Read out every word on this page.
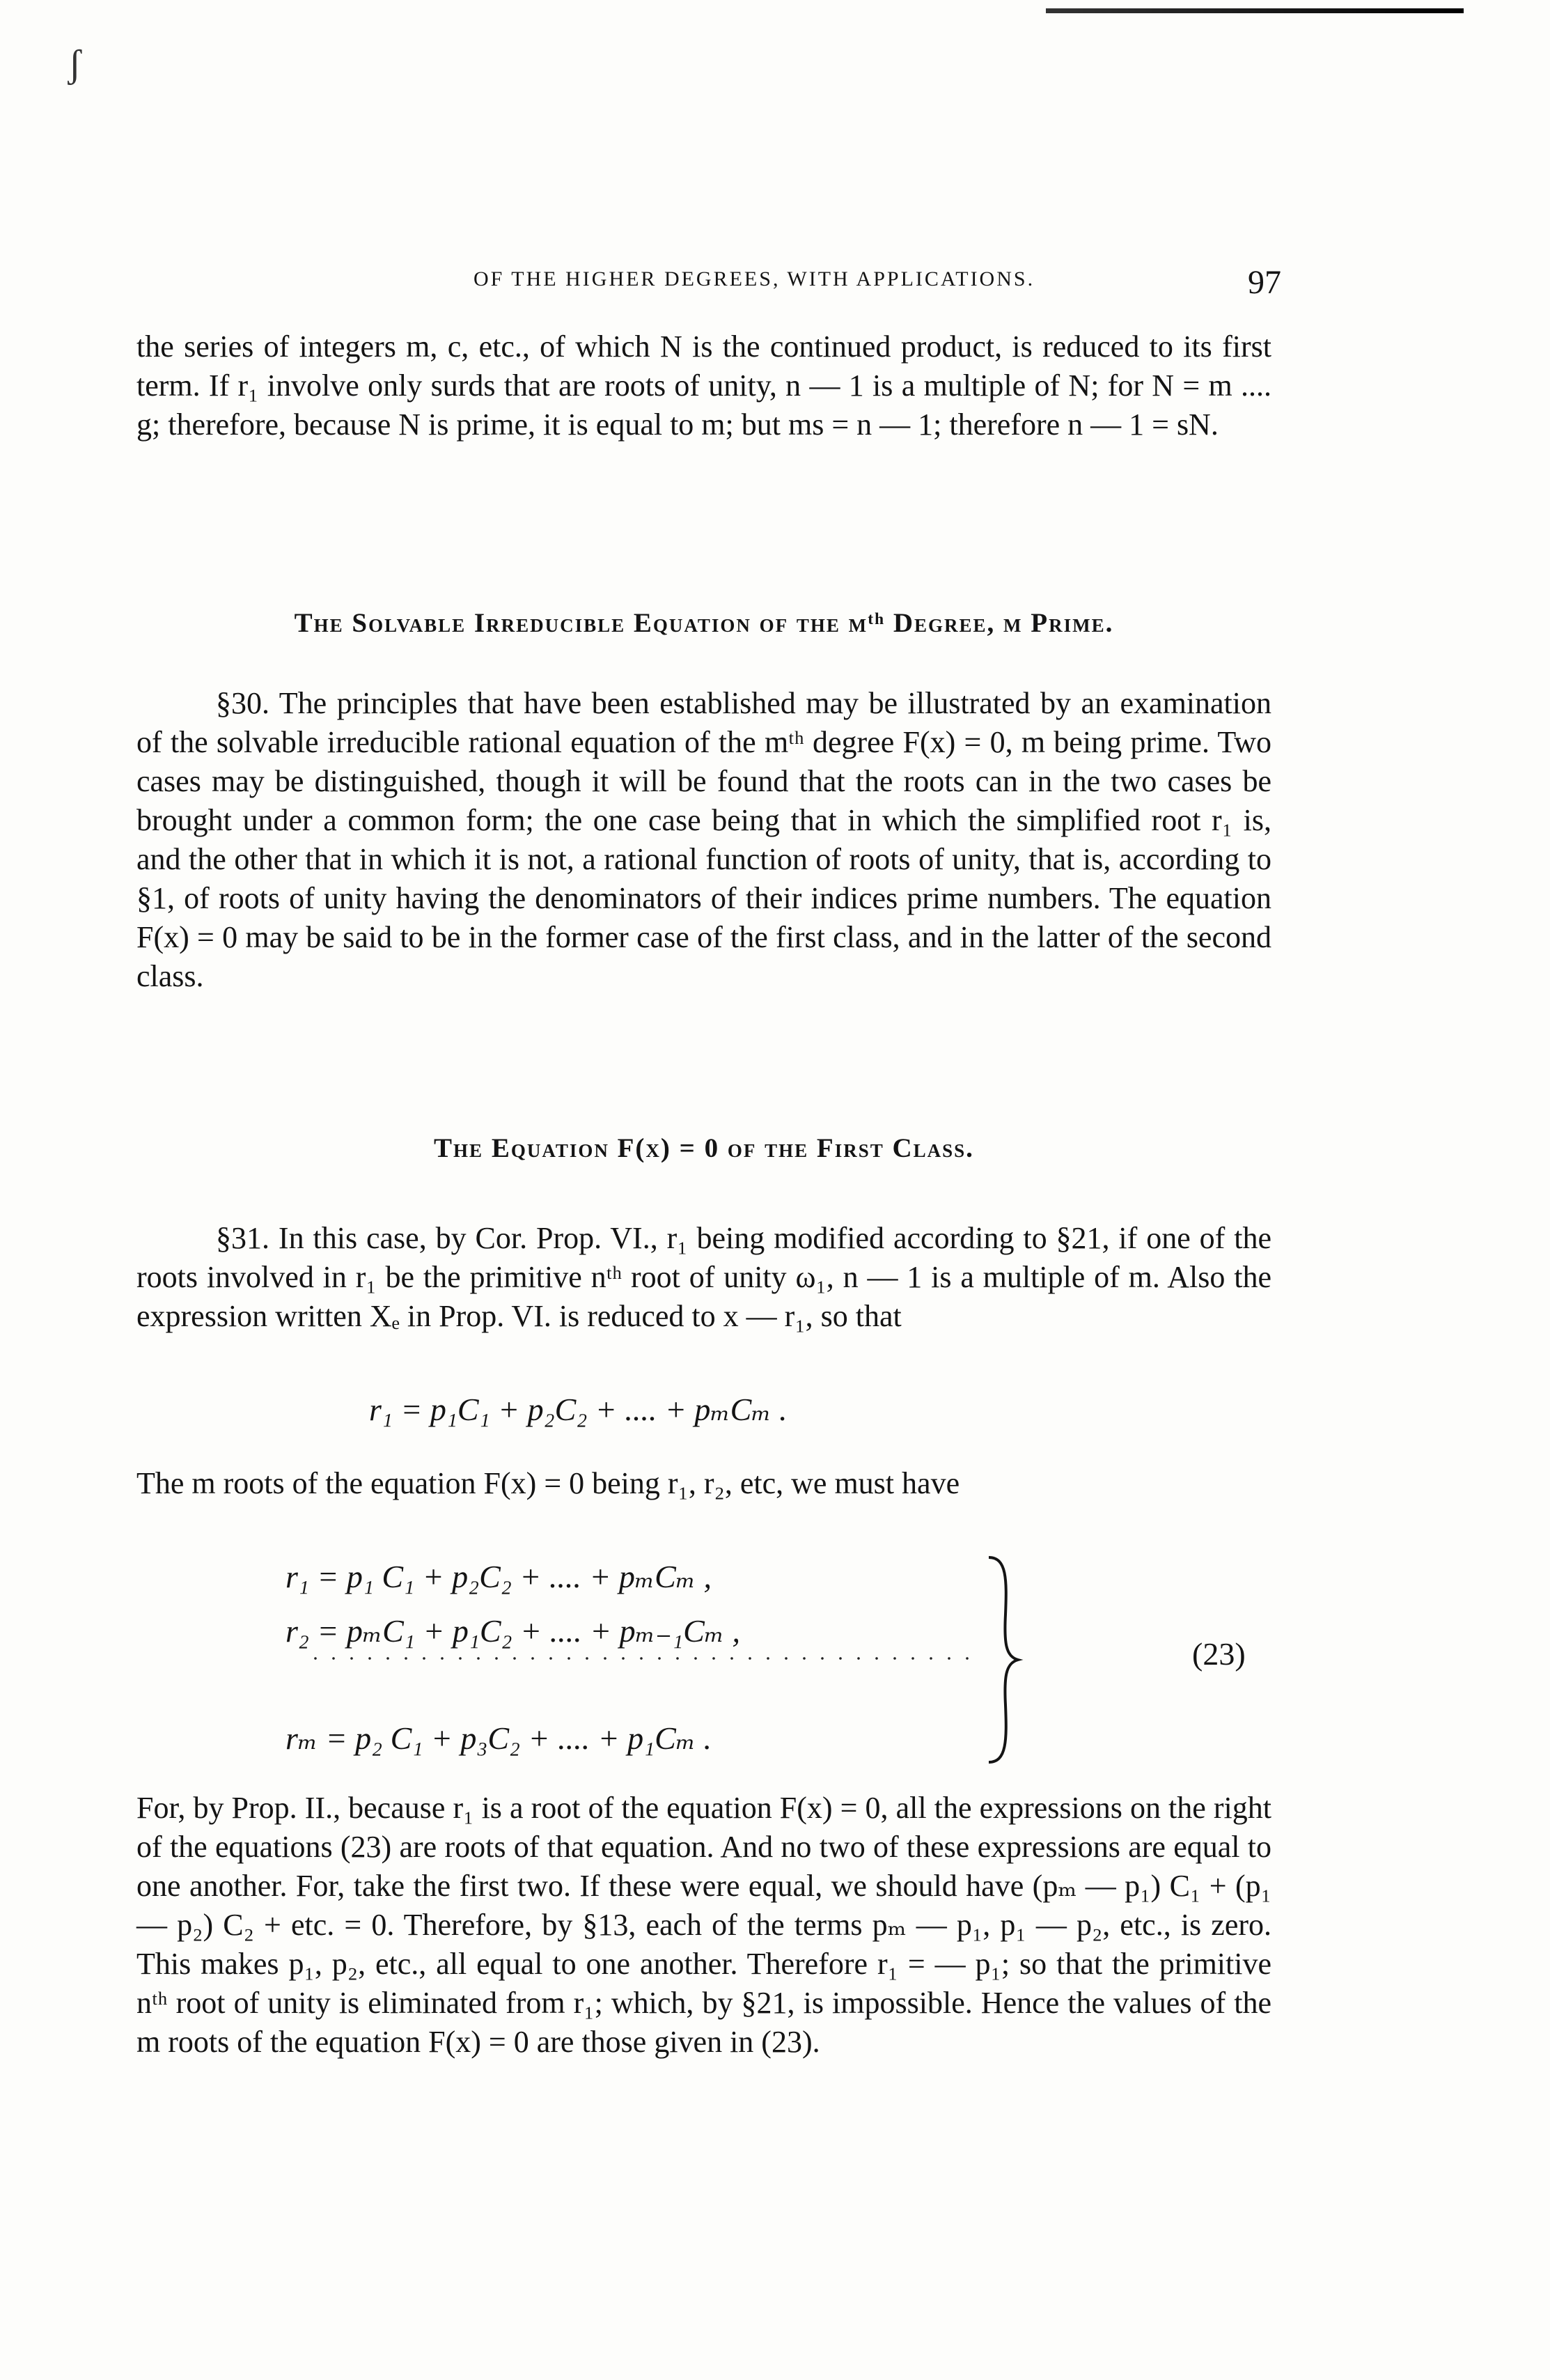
ʃ
OF THE HIGHER DEGREES, WITH APPLICATIONS.	97

the series of integers m, c, etc., of which N is the continued product, is reduced to its first term. If r₁ involve only surds that are roots of unity, n — 1 is a multiple of N; for N = m .... g; therefore, because N is prime, it is equal to m; but ms = n — 1; therefore n — 1 = sN.

The Solvable Irreducible Equation of the mᵗʰ Degree, m Prime.

§30. The principles that have been established may be illustrated by an examination of the solvable irreducible rational equation of the mᵗʰ degree F(x) = 0, m being prime. Two cases may be distinguished, though it will be found that the roots can in the two cases be brought under a common form; the one case being that in which the simplified root r₁ is, and the other that in which it is not, a rational function of roots of unity, that is, according to §1, of roots of unity having the denominators of their indices prime numbers. The equation F(x) = 0 may be said to be in the former case of the first class, and in the latter of the second class.

The Equation F(x) = 0 of the First Class.

§31. In this case, by Cor. Prop. VI., r₁ being modified according to §21, if one of the roots involved in r₁ be the primitive nᵗʰ root of unity ω₁, n — 1 is a multiple of m. Also the expression written Xₑ in Prop. VI. is reduced to x — r₁, so that

r₁ = p₁C₁ + p₂C₂ + .... + pₘCₘ .

The m roots of the equation F(x) = 0 being r₁, r₂, etc, we must have

r₁ = p₁ C₁ + p₂C₂ + .... + pₘCₘ ,
r₂ = pₘC₁ + p₁C₂ + .... + pₘ₋₁Cₘ ,
rₘ = p₂ C₁ + p₃C₂ + .... + p₁Cₘ .
(23)

For, by Prop. II., because r₁ is a root of the equation F(x) = 0, all the expressions on the right of the equations (23) are roots of that equation. And no two of these expressions are equal to one another. For, take the first two. If these were equal, we should have (pₘ — p₁) C₁ + (p₁ — p₂) C₂ + etc. = 0. Therefore, by §13, each of the terms pₘ — p₁, p₁ — p₂, etc., is zero. This makes p₁, p₂, etc., all equal to one another. Therefore r₁ = — p₁; so that the primitive nᵗʰ root of unity is eliminated from r₁; which, by §21, is impossible. Hence the values of the m roots of the equation F(x) = 0 are those given in (23).
